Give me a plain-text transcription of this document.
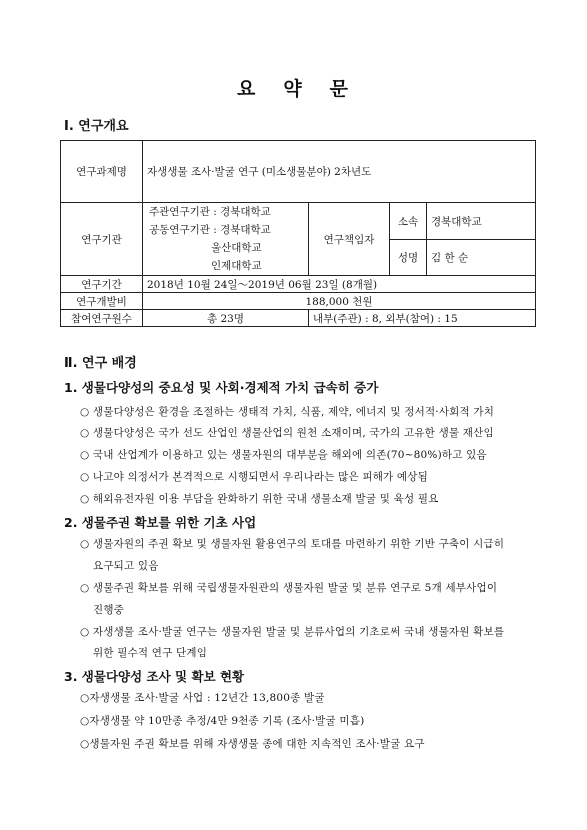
요 약 문
Ⅰ. 연구개요
연구과제명	자생생물 조사·발굴 연구 (미소생물분야) 2차년도			
연구기관	주관연구기관 : 경북대학교
공동연구기관 : 경북대학교
울산대학교
인제대학교	연구책임자	소속	경북대학교
			성명	김 한 순
연구기간	2018년 10월 24일～2019년 06월 23일 (8개월)			
연구개발비	188,000 천원			
참여연구원수	총 23명	내부(주관) : 8, 외부(참여) : 15		
Ⅱ. 연구 배경
1. 생물다양성의 중요성 및 사회·경제적 가치 급속히 증가
○ 생물다양성은 환경을 조절하는 생태적 가치, 식품, 제약, 에너지 및 정서적·사회적 가치
○ 생물다양성은 국가 선도 산업인 생물산업의 원천 소재이며, 국가의 고유한 생물 재산임
○ 국내 산업계가 이용하고 있는 생물자원의 대부분을 해외에 의존(70~80%)하고 있음
○ 나고야 의정서가 본격적으로 시행되면서 우리나라는 많은 피해가 예상됨
○ 해외유전자원 이용 부담을 완화하기 위한 국내 생물소재 발굴 및 육성 필요
2. 생물주권 확보를 위한 기초 사업
○ 생물자원의 주권 확보 및 생물자원 활용연구의 토대를 마련하기 위한 기반 구축이 시급히
요구되고 있음
○ 생물주권 확보를 위해 국립생물자원관의 생물자원 발굴 및 분류 연구로 5개 세부사업이
진행중
○ 자생생물 조사·발굴 연구는 생물자원 발굴 및 분류사업의 기초로써 국내 생물자원 확보를
위한 필수적 연구 단계임
3. 생물다양성 조사 및 확보 현황
○자생생물 조사·발굴 사업 : 12년간 13,800종 발굴
○자생생물 약 10만종 추정/4만 9천종 기록 (조사·발굴 미흡)
○생물자원 주권 확보를 위해 자생생물 종에 대한 지속적인 조사·발굴 요구
